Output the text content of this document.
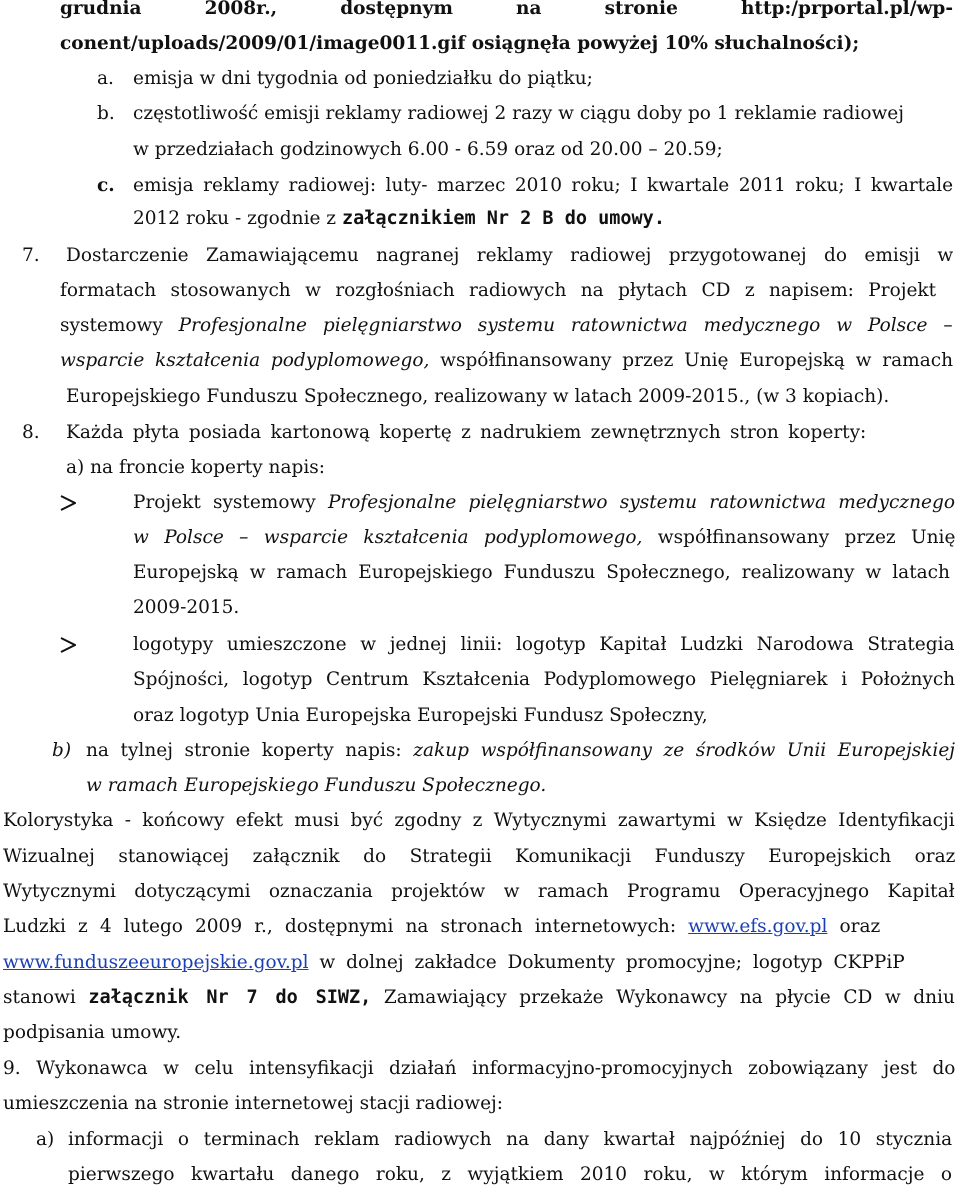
grudnia	2008r.,	dostępnym	na	stronie	http:/prportal.pl/wp-
conent/uploads/2009/01/image0011.gif osiągnęła powyżej 10% słuchalności);
a. emisja w dni tygodnia od poniedziałku do piątku;
b. częstotliwość emisji reklamy radiowej 2 razy w ciągu doby po 1 reklamie radiowej
w przedziałach godzinowych 6.00 - 6.59 oraz od 20.00 – 20.59;
c. emisja reklamy radiowej: luty- marzec 2010 roku; I kwartale 2011 roku; I kwartale
2012 roku - zgodnie z załącznikiem Nr 2 B do umowy.
7. Dostarczenie Zamawiającemu nagranej reklamy radiowej przygotowanej do emisji w
formatach stosowanych w rozgłośniach radiowych na płytach CD z napisem: Projekt
systemowy Profesjonalne pielęgniarstwo systemu ratownictwa medycznego w Polsce –
wsparcie kształcenia podyplomowego, współfinansowany przez Unię Europejską w ramach
Europejskiego Funduszu Społecznego, realizowany w latach 2009-2015., (w 3 kopiach).
8. Każda płyta posiada kartonową kopertę z nadrukiem zewnętrznych stron koperty:
a) na froncie koperty napis:
Projekt systemowy Profesjonalne pielęgniarstwo systemu ratownictwa medycznego
w Polsce – wsparcie kształcenia podyplomowego, współfinansowany przez Unię
Europejską w ramach Europejskiego Funduszu Społecznego, realizowany w latach
2009-2015.
logotypy umieszczone w jednej linii: logotyp Kapitał Ludzki Narodowa Strategia
Spójności, logotyp Centrum Kształcenia Podyplomowego Pielęgniarek i Położnych
oraz logotyp Unia Europejska Europejski Fundusz Społeczny,
b) na tylnej stronie koperty napis: zakup współfinansowany ze środków Unii Europejskiej
w ramach Europejskiego Funduszu Społecznego.
Kolorystyka - końcowy efekt musi być zgodny z Wytycznymi zawartymi w Księdze Identyfikacji
Wizualnej stanowiącej załącznik do Strategii Komunikacji Funduszy Europejskich oraz
Wytycznymi dotyczącymi oznaczania projektów w ramach Programu Operacyjnego Kapitał
Ludzki z 4 lutego 2009 r., dostępnymi na stronach internetowych: www.efs.gov.pl oraz
www.funduszeeuropejskie.gov.pl w dolnej zakładce Dokumenty promocyjne; logotyp CKPPiP
stanowi załącznik Nr 7 do SIWZ, Zamawiający przekaże Wykonawcy na płycie CD w dniu
podpisania umowy.
9. Wykonawca w celu intensyfikacji działań informacyjno-promocyjnych zobowiązany jest do
umieszczenia na stronie internetowej stacji radiowej:
a) informacji o terminach reklam radiowych na dany kwartał najpóźniej do 10 stycznia
pierwszego kwartału danego roku, z wyjątkiem 2010 roku, w którym informacje o
